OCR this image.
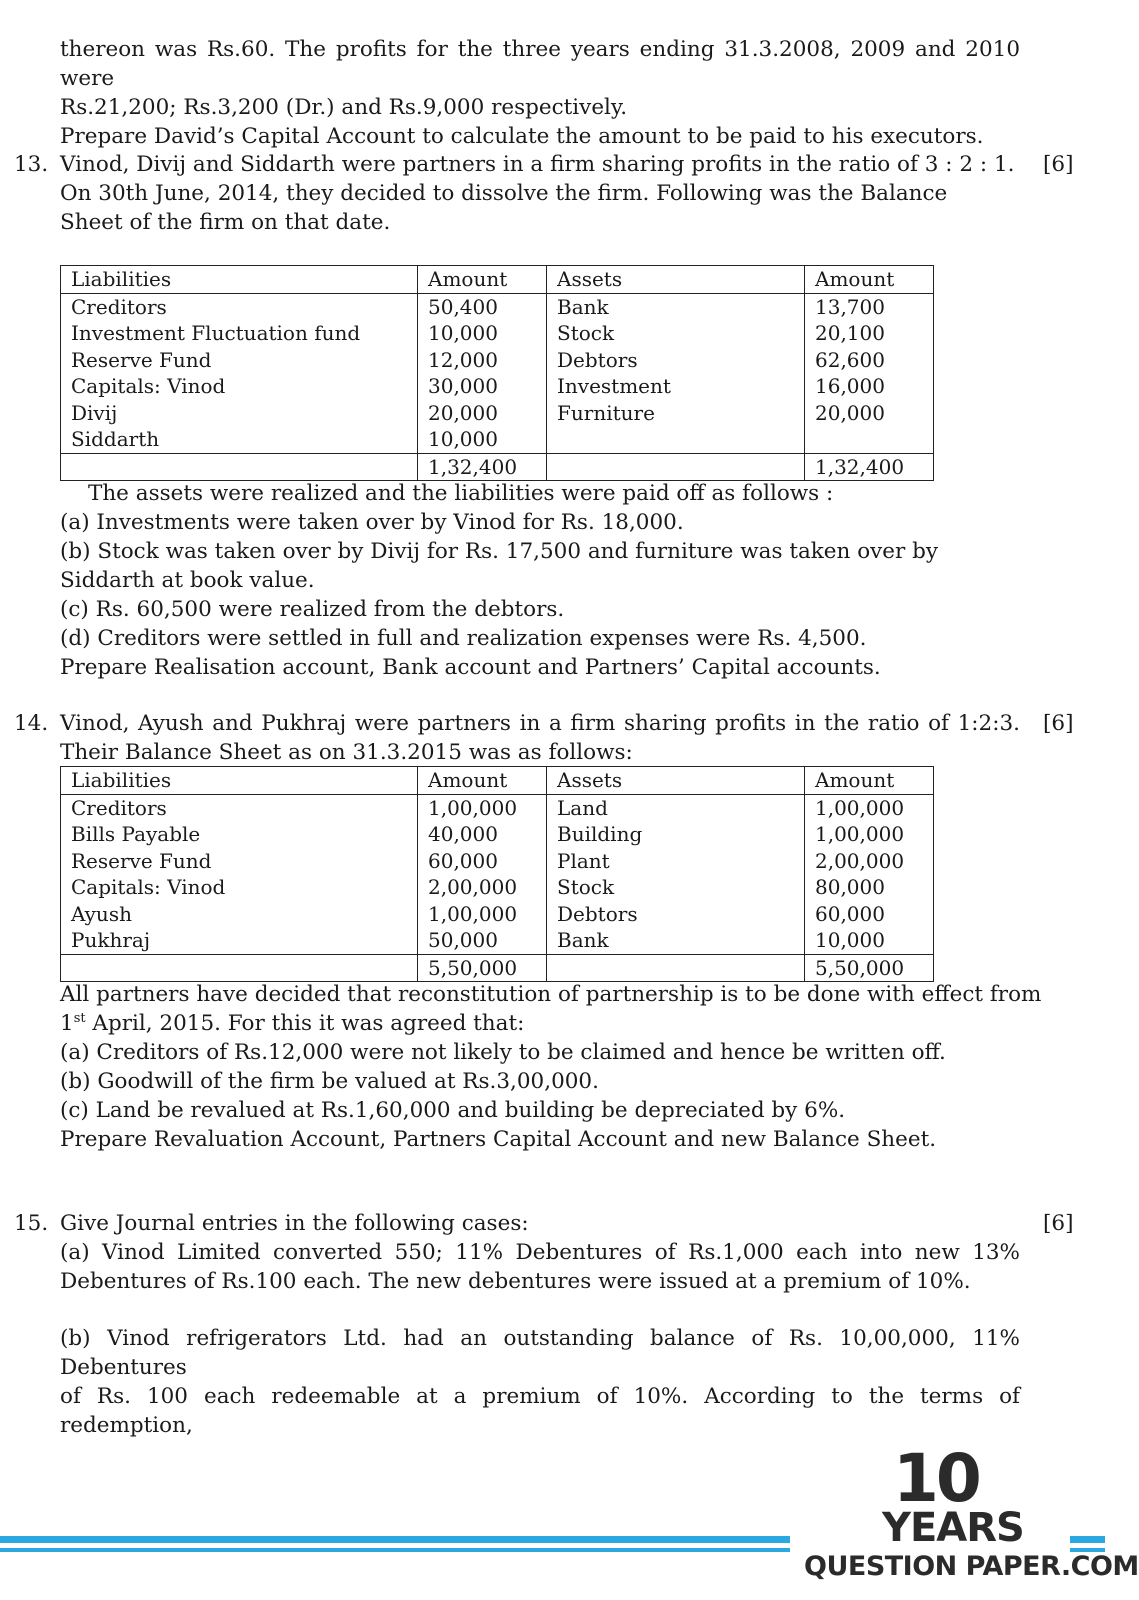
thereon was Rs.60. The profits for the three years ending 31.3.2008, 2009 and 2010 were
Rs.21,200; Rs.3,200 (Dr.) and Rs.9,000 respectively.
Prepare David’s Capital Account to calculate the amount to be paid to his executors.
13.	[6]
Vinod, Divij and Siddarth were partners in a firm sharing profits in the ratio of 3 : 2 : 1.
On 30th June, 2014, they decided to dissolve the firm. Following was the Balance
Sheet of the firm on that date.
Liabilities	Amount	Assets	Amount
Creditors	50,400	Bank	13,700
Investment Fluctuation fund	10,000	Stock	20,100
Reserve Fund	12,000	Debtors	62,600
Capitals: Vinod	30,000	Investment	16,000
Divij	20,000	Furniture	20,000
Siddarth	10,000		
	1,32,400		1,32,400
The assets were realized and the liabilities were paid off as follows :
(a) Investments were taken over by Vinod for Rs. 18,000.
(b) Stock was taken over by Divij for Rs. 17,500 and furniture was taken over by
Siddarth at book value.
(c) Rs. 60,500 were realized from the debtors.
(d) Creditors were settled in full and realization expenses were Rs. 4,500.
Prepare Realisation account, Bank account and Partners’ Capital accounts.
14.	[6]
Vinod, Ayush and Pukhraj were partners in a firm sharing profits in the ratio of 1:2:3.
Their Balance Sheet as on 31.3.2015 was as follows:
Liabilities	Amount	Assets	Amount
Creditors	1,00,000	Land	1,00,000
Bills Payable	40,000	Building	1,00,000
Reserve Fund	60,000	Plant	2,00,000
Capitals: Vinod	2,00,000	Stock	80,000
Ayush	1,00,000	Debtors	60,000
Pukhraj	50,000	Bank	10,000
	5,50,000		5,50,000
All partners have decided that reconstitution of partnership is to be done with effect from
1st April, 2015. For this it was agreed that:
(a) Creditors of Rs.12,000 were not likely to be claimed and hence be written off.
(b) Goodwill of the firm be valued at Rs.3,00,000.
(c) Land be revalued at Rs.1,60,000 and building be depreciated by 6%.
Prepare Revaluation Account, Partners Capital Account and new Balance Sheet.
15.	[6]
Give Journal entries in the following cases:
(a) Vinod Limited converted 550; 11% Debentures of Rs.1,000 each into new 13%
Debentures of Rs.100 each. The new debentures were issued at a premium of 10%.
(b) Vinod refrigerators Ltd. had an outstanding balance of Rs. 10,00,000, 11% Debentures
of Rs. 100 each redeemable at a premium of 10%. According to the terms of redemption,
10
YEARS
QUESTION PAPER.COM
